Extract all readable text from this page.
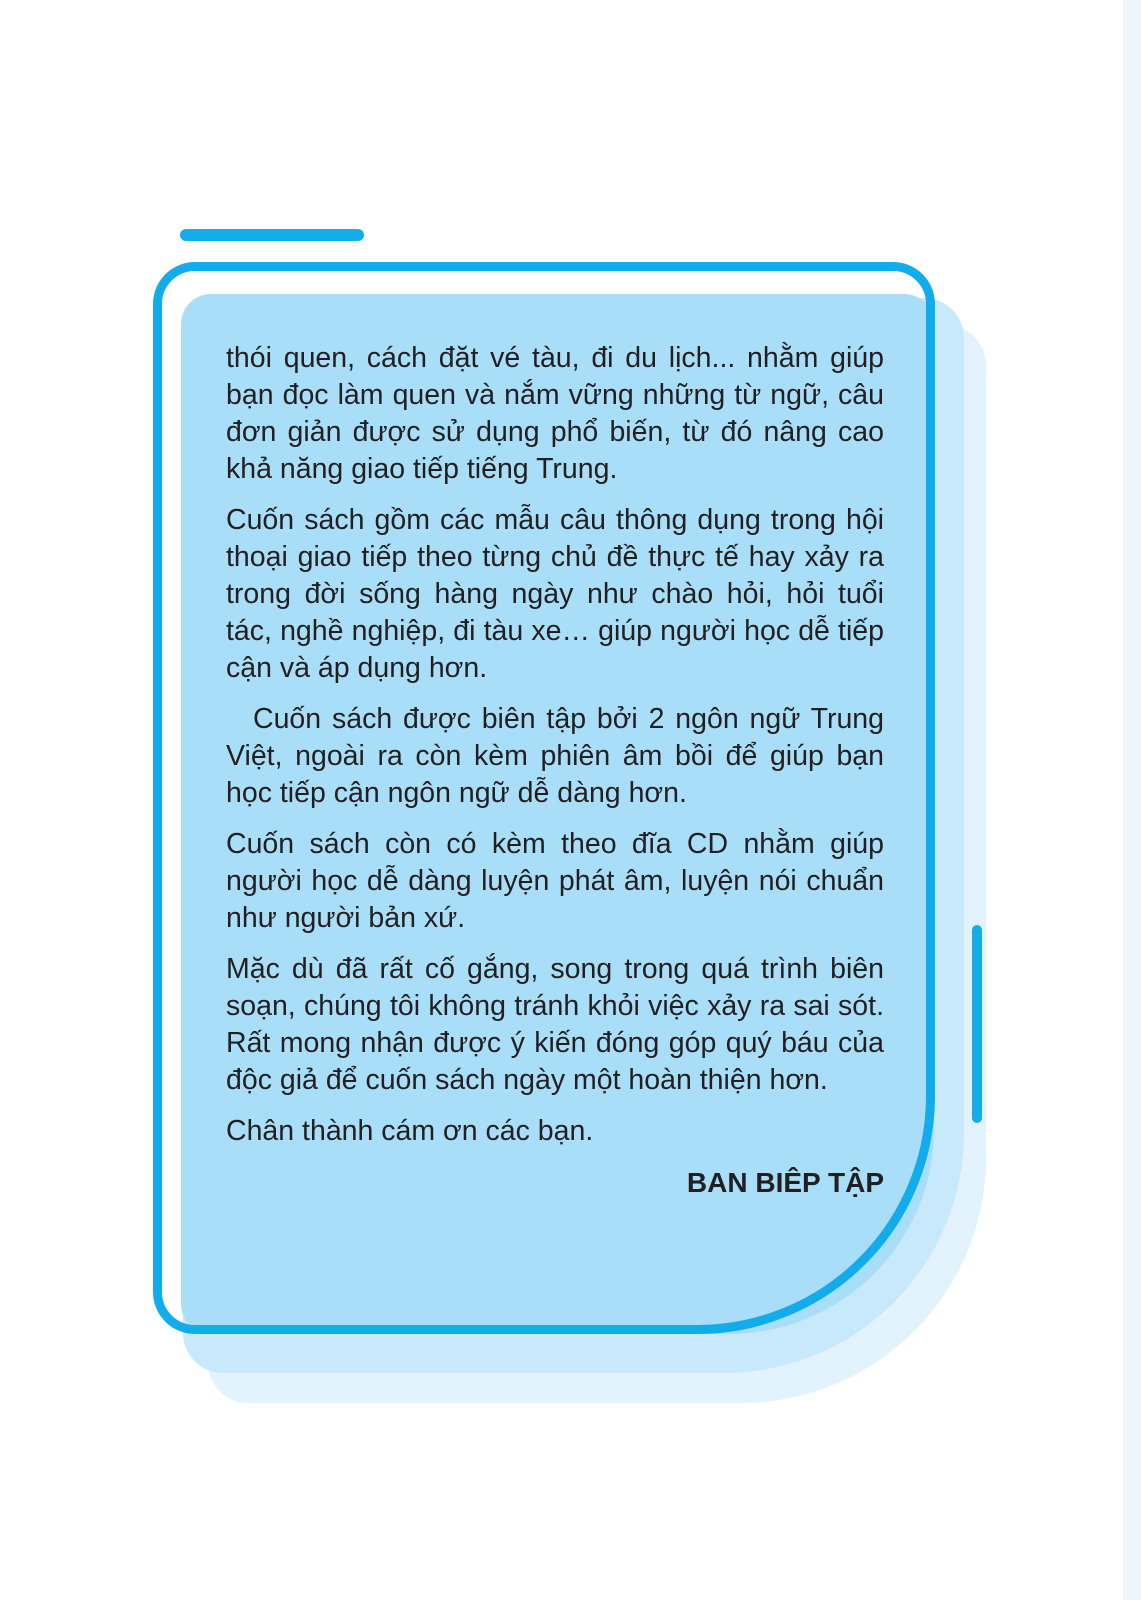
thói quen, cách đặt vé tàu, đi du lịch... nhằm giúp bạn đọc làm quen và nắm vững những từ ngữ, câu đơn giản được sử dụng phổ biến, từ đó nâng cao khả năng giao tiếp tiếng Trung.

Cuốn sách gồm các mẫu câu thông dụng trong hội thoại giao tiếp theo từng chủ đề thực tế hay xảy ra trong đời sống hàng ngày như chào hỏi, hỏi tuổi tác, nghề nghiệp, đi tàu xe… giúp người học dễ tiếp cận và áp dụng hơn.

Cuốn sách được biên tập bởi 2 ngôn ngữ Trung Việt, ngoài ra còn kèm phiên âm bồi để giúp bạn học tiếp cận ngôn ngữ dễ dàng hơn.

Cuốn sách còn có kèm theo đĩa CD nhằm giúp người học dễ dàng luyện phát âm, luyện nói chuẩn như người bản xứ.

Mặc dù đã rất cố gắng, song trong quá trình biên soạn, chúng tôi không tránh khỏi việc xảy ra sai sót. Rất mong nhận được ý kiến đóng góp quý báu của độc giả để cuốn sách ngày một hoàn thiện hơn.

Chân thành cám ơn các bạn.

BAN BIÊP TẬP
